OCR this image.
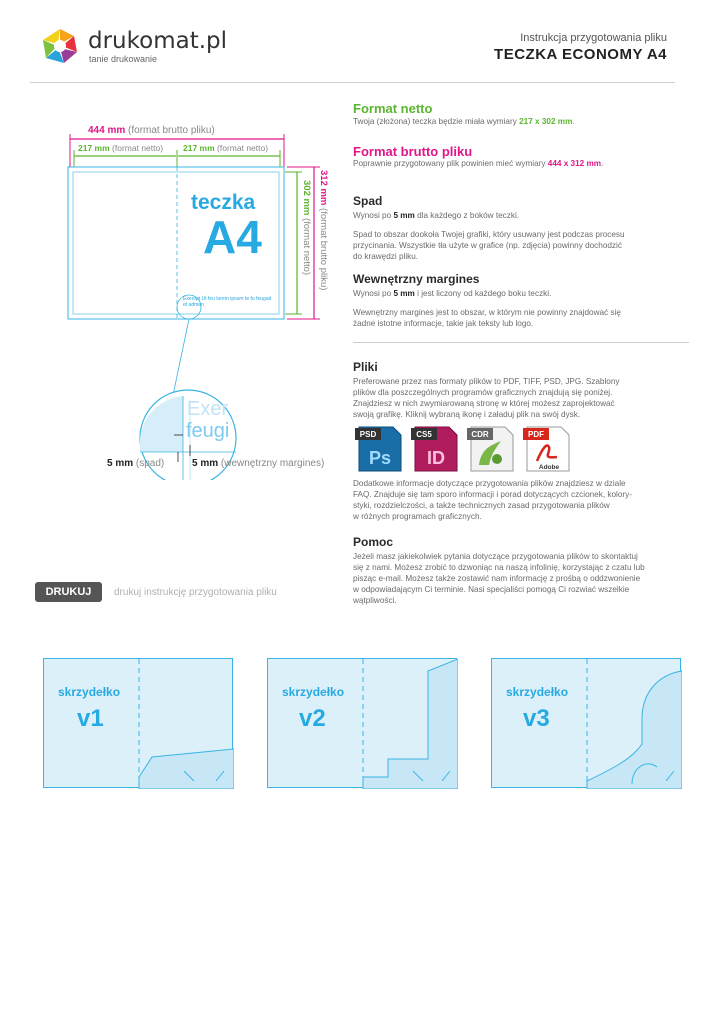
drukomat.pl
tanie drukowanie
Instrukcja przygotowania pliku
TECZKA ECONOMY A4
444 mm (format brutto pliku)
217 mm (format netto) 217 mm (format netto)
312 mm (format brutto pliku)
302 mm (format netto)
teczka
A4
Exeropt Ut feu lorem ipsum te fu feugait et admen
Exer
feugi
5 mm (spad)	5 mm (wewnętrzny margines)
Format netto
Twoja (złożona) teczka będzie miała wymiary 217 x 302 mm.
Format brutto pliku
Poprawnie przygotowany plik powinien mieć wymiary 444 x 312 mm.
Spad
Wynosi po 5 mm dla każdego z boków teczki.
Spad to obszar dookoła Twojej grafiki, który usuwany jest podczas procesu
przycinania. Wszystkie tła użyte w grafice (np. zdjęcia) powinny dochodzić
do krawędzi pliku.
Wewnętrzny margines
Wynosi po 5 mm i jest liczony od każdego boku teczki.
Wewnętrzny margines jest to obszar, w którym nie powinny znajdować się
żadne istotne informacje, takie jak teksty lub logo.
Pliki
Preferowane przez nas formaty plików to PDF, TIFF, PSD, JPG. Szablony
plików dla poszczególnych programów graficznych znajdują się poniżej.
Znajdziesz w nich zwymiarowaną stronę w której możesz zaprojektować
swoją grafikę. Kliknij wybraną ikonę i załaduj plik na swój dysk.
PSD
Ps
CS5
ID
CDR	PDF
Adobe
Dodatkowe informacje dotyczące przygotowania plików znajdziesz w dziale
FAQ. Znajduje się tam sporo informacji i porad dotyczących czcionek, kolory-
styki, rozdzielczości, a także technicznych zasad przygotowania plików
w różnych programach graficznych.
Pomoc
Jeżeli masz jakiekolwiek pytania dotyczące przygotowania plików to skontaktuj
się z nami. Możesz zrobić to dzwoniąc na naszą infolinię, korzystając z czatu lub
pisząc e-mail. Możesz także zostawić nam informację z prośbą o oddzwonienie
w odpowiadającym Ci terminie. Nasi specjaliści pomogą Ci rozwiać wszelkie
wątpliwości.
DRUKUJ	drukuj instrukcję przygotowania pliku
skrzydełko
v1
skrzydełko
v2
skrzydełko
v3
